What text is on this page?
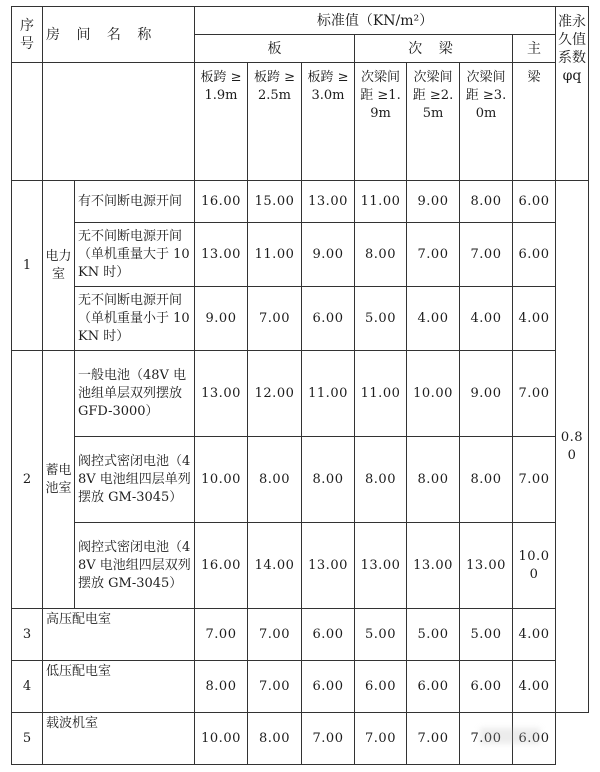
序号	房 间 名 称		标准值（KN/m²）							准永久值系数φq
			板			次 梁			主	
			板跨 ≥1.9m	板跨 ≥2.5m	板跨 ≥3.0m	次梁间距 ≥1.9m	次梁间距 ≥2.5m	次梁间距 ≥3.0m	梁	
1	电力室	有不间断电源开间	16.00	15.00	13.00	11.00	9.00	8.00	6.00	0.80
		无不间断电源开间（单机重量大于 10KN 时）	13.00	11.00	9.00	8.00	7.00	7.00	6.00	
		无不间断电源开间（单机重量小于 10KN 时）	9.00	7.00	6.00	5.00	4.00	4.00	4.00	
2	蓄电池室	一般电池（48V 电池组单层双列摆放 GFD-3000）	13.00	12.00	11.00	11.00	10.00	9.00	7.00	
		阀控式密闭电池（48V 电池组四层单列摆放 GM-3045）	10.00	8.00	8.00	8.00	8.00	8.00	7.00	
		阀控式密闭电池（48V 电池组四层双列摆放 GM-3045）	16.00	14.00	13.00	13.00	13.00	13.00	10.00	
3	高压配电室		7.00	7.00	6.00	5.00	5.00	5.00	4.00	
4	低压配电室		8.00	7.00	6.00	6.00	6.00	6.00	4.00	
5	载波机室		10.00	8.00	7.00	7.00	7.00	7.00	6.00	
